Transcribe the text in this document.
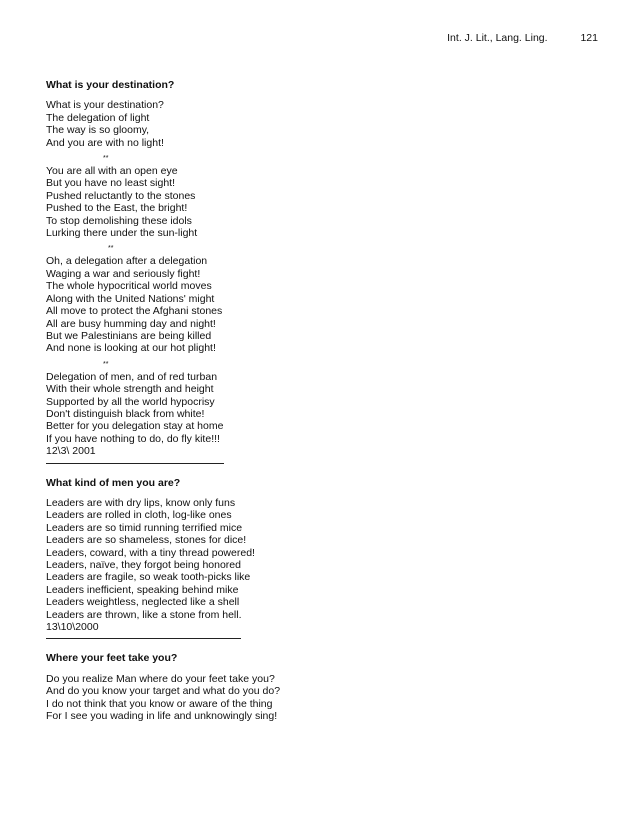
Int. J. Lit., Lang. Ling.	121
What is your destination?
What is your destination?
The delegation of light
The way is so gloomy,
And you are with no light!
**
You are all with an open eye
But you have no least sight!
Pushed reluctantly to the stones
Pushed to the East, the bright!
To stop demolishing these idols
Lurking there under the sun-light
**
Oh, a delegation after a delegation
Waging a war and seriously fight!
The whole hypocritical world moves
Along with the United Nations' might
All move to protect the Afghani stones
All are busy humming day and night!
But we Palestinians are being killed
And none is looking at our hot plight!
**
Delegation of men, and of red turban
With their whole strength and height
Supported by all the world hypocrisy
Don't distinguish black from white!
Better for you delegation stay at home
If you have nothing to do, do fly kite!!!
12\3\ 2001
What kind of men you are?
Leaders are with dry lips, know only funs
Leaders are rolled in cloth, log-like ones
Leaders are so timid running terrified mice
Leaders are so shameless, stones for dice!
Leaders, coward, with a tiny thread powered!
Leaders, naïve, they forgot being honored
Leaders are fragile, so weak tooth-picks like
Leaders inefficient, speaking behind mike
Leaders weightless, neglected like a shell
Leaders are thrown, like a stone from hell.
13\10\2000
Where your feet take you?
Do you realize Man where do your feet take you?
And do you know your target and what do you do?
I do not think that you know or aware of the thing
For I see you wading in life and unknowingly sing!
